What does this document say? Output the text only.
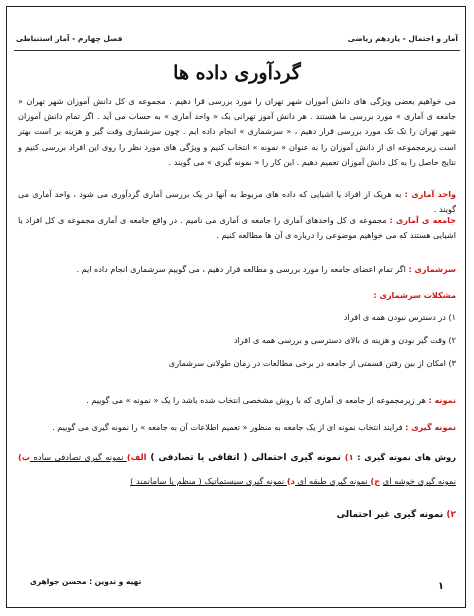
آمار و احتمال - یازدهم ریاضی
فصل چهارم - آمار استنباطی
گردآوری داده ها
می خواهیم بعضی ویژگی های دانش آموزان شهر تهران را مورد بررسی قرا دهیم . مجموعه ی کل دانش آموزان شهر تهران « جامعه ی آماری » مورد بررسی ما هستند . هر دانش آموز تهرانی یک « واحد آماری » به حساب می آید . اگر تمام دانش آموزان شهر تهران را تک تک مورد بررسی قرار دهیم ، « سرشماری » انجام داده ایم . چون سرشماری وقت گیر و هزینه بر است بهتر است زیرمجموعه ای از دانش آموزان را به عنوان « نمونه » انتخاب کنیم و ویژگی های مورد نظر را روی این افراد بررسی کنیم و نتایج حاصل را به کل دانش آموزان تعمیم دهیم . این کار را « نمونه گیری » می گویند .
واحد آماری : به هریک از افراد یا اشیایی که داده های مربوط به آنها در یک بررسی آماری گردآوری می شود ، واحد آماری می گویند .
جامعه ی آماری : مجموعه ی کل واحدهای آماری را جامعه ی آماری می نامیم . در واقع جامعه ی آماری مجموعه ی کل افراد یا اشیایی هستند که می خواهیم موضوعی را درباره ی آن ها مطالعه کنیم .
سرشماری : اگر تمام اعضای جامعه را مورد بررسی و مطالعه قرار دهیم ، می گوییم سرشماری انجام داده ایم .
مشکلات سرشماری :
۱) در دسترس نبودن همه ی افراد
۲) وقت گیر بودن و هزینه ی بالای دسترسی و بررسی همه ی افراد
۳) امکان از بین رفتن قسمتی از جامعه در برخی مطالعات در زمان طولانی سرشماری
نمونه : هر زیرمجموعه از جامعه ی آماری که با روش مشخصی انتخاب شده باشد را یک « نمونه » می گوییم .
نمونه گیری : فرایند انتخاب نمونه ای از یک جامعه به منظور « تعمیم اطلاعات آن به جامعه » را نمونه گیری می گوییم .
روش های نمونه گیری : ۱) نمونه گیری احتمالی ( اتفاقی یا تصادفی ) الف) نمونه گیری تصادفی ساده ب) نمونه گیری خوشه ای ج) نمونه گیری طبقه ای د) نمونه گیری سیستماتیک ( منظم یا سامانمند )
۲) نمونه گیری غیر احتمالی
تهیه و تدوین : محسن جواهری	۱
